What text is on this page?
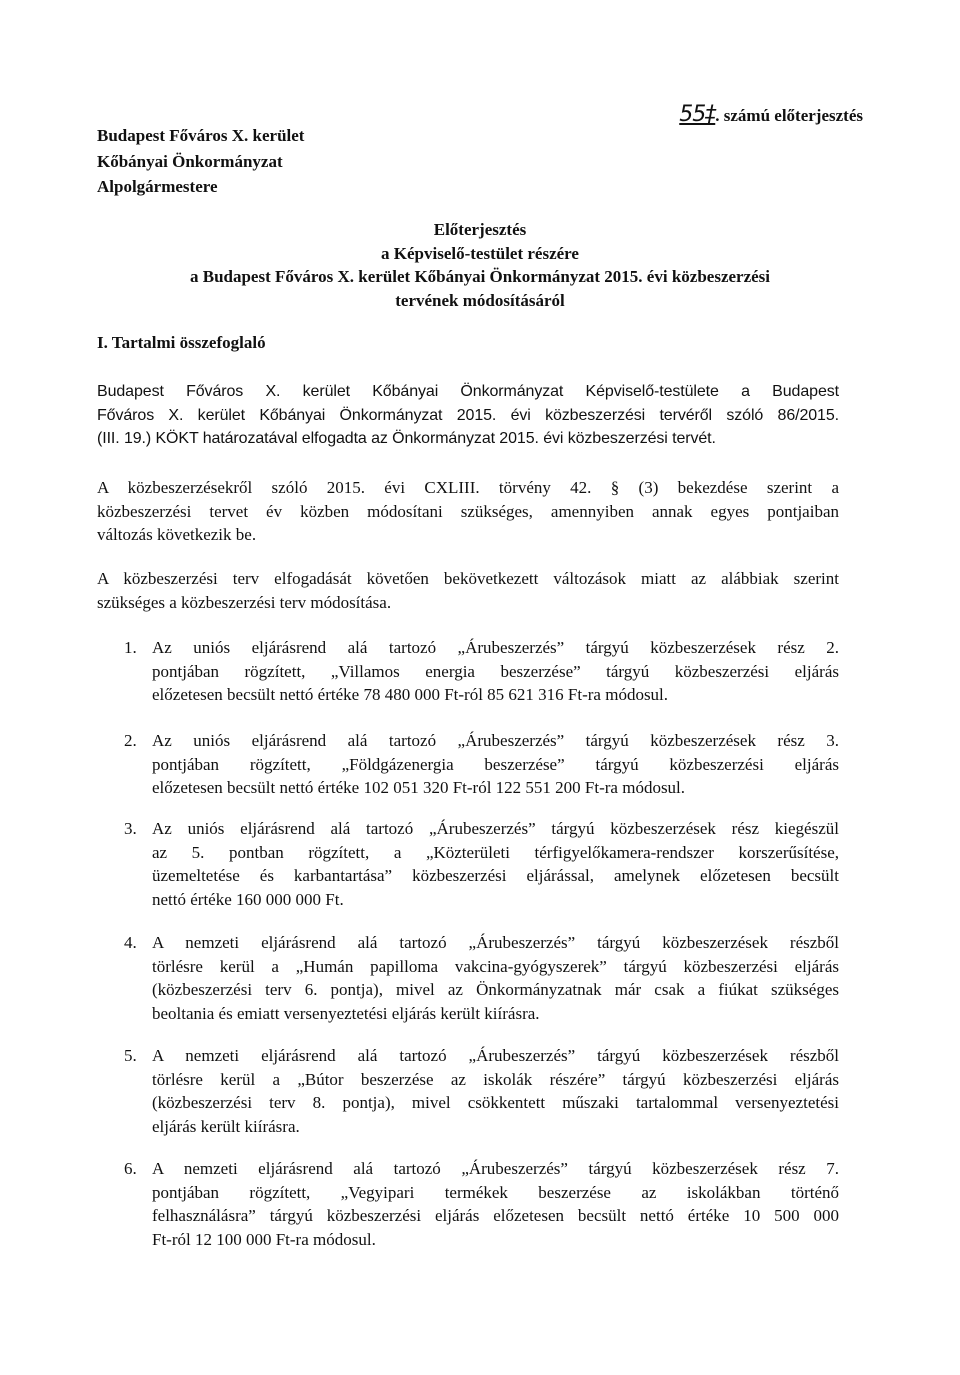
Budapest Főváros X. kerület
Kőbányai Önkormányzat
Alpolgármestere
55‡. számú előterjesztés
Előterjesztés
a Képviselő-testület részére
a Budapest Főváros X. kerület Kőbányai Önkormányzat 2015. évi közbeszerzési
tervének módosításáról
I. Tartalmi összefoglaló
Budapest Főváros X. kerület Kőbányai Önkormányzat Képviselő-testülete a Budapest
Főváros X. kerület Kőbányai Önkormányzat 2015. évi közbeszerzési tervéről szóló 86/2015.
(III. 19.) KÖKT határozatával elfogadta az Önkormányzat 2015. évi közbeszerzési tervét.
A közbeszerzésekről szóló 2015. évi CXLIII. törvény 42. § (3) bekezdése szerint a
közbeszerzési tervet év közben módosítani szükséges, amennyiben annak egyes pontjaiban
változás következik be.
A közbeszerzési terv elfogadását követően bekövetkezett változások miatt az alábbiak szerint
szükséges a közbeszerzési terv módosítása.
1. Az uniós eljárásrend alá tartozó „Árubeszerzés” tárgyú közbeszerzések rész 2.
pontjában rögzített, „Villamos energia beszerzése” tárgyú közbeszerzési eljárás
előzetesen becsült nettó értéke 78 480 000 Ft-ról 85 621 316 Ft-ra módosul.
2. Az uniós eljárásrend alá tartozó „Árubeszerzés” tárgyú közbeszerzések rész 3.
pontjában rögzített, „Földgázenergia beszerzése” tárgyú közbeszerzési eljárás
előzetesen becsült nettó értéke 102 051 320 Ft-ról 122 551 200 Ft-ra módosul.
3. Az uniós eljárásrend alá tartozó „Árubeszerzés” tárgyú közbeszerzések rész kiegészül
az 5. pontban rögzített, a „Közterületi térfigyelőkamera-rendszer korszerűsítése,
üzemeltetése és karbantartása” közbeszerzési eljárással, amelynek előzetesen becsült
nettó értéke 160 000 000 Ft.
4. A nemzeti eljárásrend alá tartozó „Árubeszerzés” tárgyú közbeszerzések részből
törlésre kerül a „Humán papilloma vakcina-gyógyszerek” tárgyú közbeszerzési eljárás
(közbeszerzési terv 6. pontja), mivel az Önkormányzatnak már csak a fiúkat szükséges
beoltania és emiatt versenyeztetési eljárás került kiírásra.
5. A nemzeti eljárásrend alá tartozó „Árubeszerzés” tárgyú közbeszerzések részből
törlésre kerül a „Bútor beszerzése az iskolák részére” tárgyú közbeszerzési eljárás
(közbeszerzési terv 8. pontja), mivel csökkentett műszaki tartalommal versenyeztetési
eljárás került kiírásra.
6. A nemzeti eljárásrend alá tartozó „Árubeszerzés” tárgyú közbeszerzések rész 7.
pontjában rögzített, „Vegyipari termékek beszerzése az iskolákban történő
felhasználásra” tárgyú közbeszerzési eljárás előzetesen becsült nettó értéke 10 500 000
Ft-ról 12 100 000 Ft-ra módosul.
